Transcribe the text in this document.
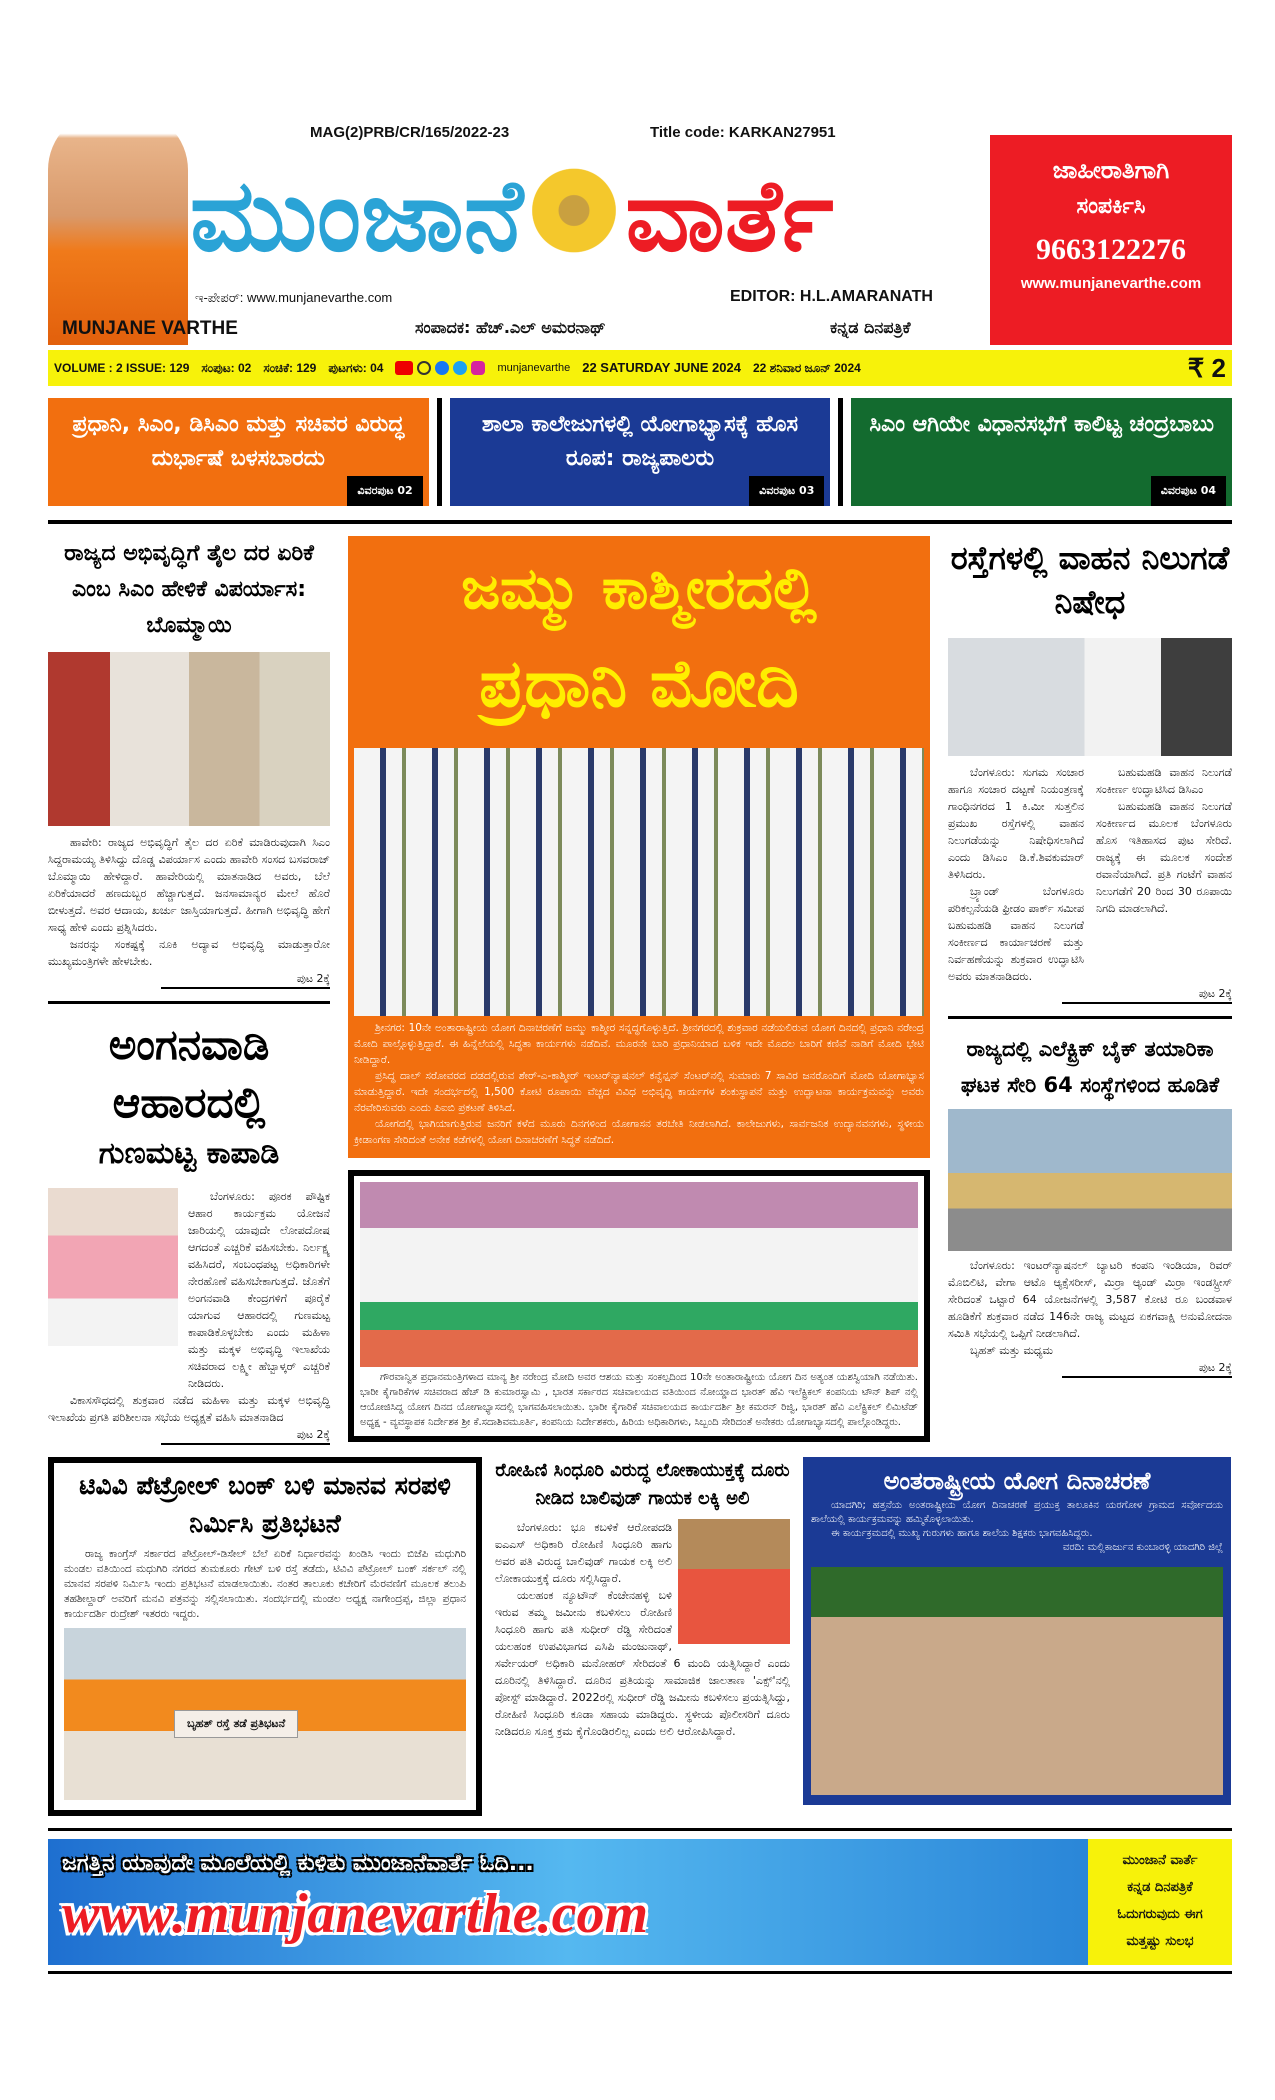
MAG(2)PRB/CR/165/2022-23	Title code: KARKAN27951
ಮುಂಜಾನೆ ವಾರ್ತೆ
ಇ-ಪೇಪರ್: www.munjanevarthe.com	EDITOR: H.L.AMARANATH
MUNJANE VARTHE	ಸಂಪಾದಕ: ಹೆಚ್.ಎಲ್ ಅಮರನಾಥ್	ಕನ್ನಡ ದಿನಪತ್ರಿಕೆ
ಜಾಹೀರಾತಿಗಾಗಿ
ಸಂಪರ್ಕಿಸಿ
9663122276
www.munjanevarthe.com
VOLUME : 2 ISSUE: 129 ಸಂಪುಟ: 02 ಸಂಚಿಕೆ: 129 ಪುಟಗಳು: 04	munjanevarthe 22 SATURDAY JUNE 2024 22 ಶನಿವಾರ ಜೂನ್ 2024	₹ 2
ಪ್ರಧಾನಿ, ಸಿಎಂ, ಡಿಸಿಎಂ ಮತ್ತು ಸಚಿವರ ವಿರುದ್ಧ ದುರ್ಭಾಷೆ ಬಳಸಬಾರದು
ವಿವರಪುಟ 02
ಶಾಲಾ ಕಾಲೇಜುಗಳಲ್ಲಿ ಯೋಗಾಭ್ಯಾಸಕ್ಕೆ ಹೊಸ ರೂಪ: ರಾಜ್ಯಪಾಲರು
ವಿವರಪುಟ 03
ಸಿಎಂ ಆಗಿಯೇ ವಿಧಾನಸಭೆಗೆ ಕಾಲಿಟ್ಟ ಚಂದ್ರಬಾಬು
ವಿವರಪುಟ 04
ರಾಜ್ಯದ ಅಭಿವೃದ್ಧಿಗೆ ತೈಲ ದರ ಏರಿಕೆ ಎಂಬ ಸಿಎಂ ಹೇಳಿಕೆ ವಿಪರ್ಯಾಸ: ಬೊಮ್ಮಾಯಿ
ಹಾವೇರಿ: ರಾಜ್ಯದ ಅಭಿವೃದ್ಧಿಗೆ ತೈಲ ದರ ಏರಿಕೆ ಮಾಡಿರುವುದಾಗಿ ಸಿಎಂ ಸಿದ್ದರಾಮಯ್ಯ ತಿಳಿಸಿದ್ದು ದೊಡ್ಡ ವಿಪರ್ಯಾಸ ಎಂದು ಹಾವೇರಿ ಸಂಸದ ಬಸವರಾಜ್ ಬೊಮ್ಮಾಯಿ ಹೇಳಿದ್ದಾರೆ. ಹಾವೇರಿಯಲ್ಲಿ ಮಾತನಾಡಿದ ಅವರು, ಬೆಲೆ ಏರಿಕೆಯಾದರೆ ಹಣದುಬ್ಬರ ಹೆಚ್ಚಾಗುತ್ತದೆ. ಜನಸಾಮಾನ್ಯರ ಮೇಲೆ ಹೊರೆ ಬೀಳುತ್ತದೆ. ಅವರ ಆದಾಯ, ಖರ್ಚು ಜಾಸ್ತಿಯಾಗುತ್ತದೆ. ಹೀಗಾಗಿ ಅಭಿವೃದ್ಧಿ ಹೇಗೆ ಸಾಧ್ಯ ಹೇಳಿ ಎಂದು ಪ್ರಶ್ನಿಸಿದರು.
ಜನರನ್ನು ಸಂಕಷ್ಟಕ್ಕೆ ನೂಕಿ ಅದ್ಯಾವ ಅಭಿವೃದ್ಧಿ ಮಾಡುತ್ತಾರೋ ಮುಖ್ಯಮಂತ್ರಿಗಳೇ ಹೇಳಬೇಕು.
ಪುಟ 2ಕ್ಕೆ
ಅಂಗನವಾಡಿ
ಆಹಾರದಲ್ಲಿ
ಗುಣಮಟ್ಟ ಕಾಪಾಡಿ
ಬೆಂಗಳೂರು: ಪೂರಕ ಪೌಷ್ಟಿಕ ಆಹಾರ ಕಾರ್ಯಕ್ರಮ ಯೋಜನೆ ಜಾರಿಯಲ್ಲಿ ಯಾವುದೇ ಲೋಪದೋಷ ಆಗದಂತೆ ಎಚ್ಚರಿಕೆ ವಹಿಸಬೇಕು. ನಿರ್ಲಕ್ಷ್ಯ ವಹಿಸಿದರೆ, ಸಂಬಂಧಪಟ್ಟ ಅಧಿಕಾರಿಗಳೇ ನೇರಹೊಣೆ ವಹಿಸಬೇಕಾಗುತ್ತದೆ. ಜೊತೆಗೆ ಅಂಗನವಾಡಿ ಕೇಂದ್ರಗಳಿಗೆ ಪೂರೈಕೆ ಯಾಗುವ ಆಹಾರದಲ್ಲಿ ಗುಣಮಟ್ಟ ಕಾಪಾಡಿಕೊಳ್ಳಬೇಕು ಎಂದು ಮಹಿಳಾ ಮತ್ತು ಮಕ್ಕಳ ಅಭಿವೃದ್ಧಿ ಇಲಾಖೆಯ ಸಚಿವರಾದ ಲಕ್ಷ್ಮೀ ಹೆಬ್ಬಾಳ್ಕರ್ ಎಚ್ಚರಿಕೆ ನೀಡಿದರು.
ವಿಕಾಸಸೌಧದಲ್ಲಿ ಶುಕ್ರವಾರ ನಡೆದ ಮಹಿಳಾ ಮತ್ತು ಮಕ್ಕಳ ಅಭಿವೃದ್ಧಿ ಇಲಾಖೆಯ ಪ್ರಗತಿ ಪರಿಶೀಲನಾ ಸಭೆಯ ಅಧ್ಯಕ್ಷತೆ ವಹಿಸಿ ಮಾತನಾಡಿದ
ಪುಟ 2ಕ್ಕೆ
ಜಮ್ಮು ಕಾಶ್ಮೀರದಲ್ಲಿ
ಪ್ರಧಾನಿ ಮೋದಿ
ಶ್ರೀನಗರ: 10ನೇ ಅಂತಾರಾಷ್ಟ್ರೀಯ ಯೋಗ ದಿನಾಚರಣೆಗೆ ಜಮ್ಮು ಕಾಶ್ಮೀರ ಸನ್ನದ್ಧಗೊಳ್ಳುತ್ತಿದೆ. ಶ್ರೀನಗರದಲ್ಲಿ ಶುಕ್ರವಾರ ನಡೆಯಲಿರುವ ಯೋಗ ದಿನದಲ್ಲಿ ಪ್ರಧಾನಿ ನರೇಂದ್ರ ಮೋದಿ ಪಾಲ್ಗೊಳ್ಳುತ್ತಿದ್ದಾರೆ. ಈ ಹಿನ್ನೆಲೆಯಲ್ಲಿ ಸಿದ್ಧತಾ ಕಾರ್ಯಗಳು ನಡೆದಿವೆ. ಮೂರನೇ ಬಾರಿ ಪ್ರಧಾನಿಯಾದ ಬಳಿಕ ಇದೇ ಮೊದಲ ಬಾರಿಗೆ ಕಣಿವೆ ನಾಡಿಗೆ ಮೋದಿ ಭೇಟಿ ನೀಡಿದ್ದಾರೆ.
ಪ್ರಸಿದ್ಧ ದಾಲ್ ಸರೋವರದ ದಡದಲ್ಲಿರುವ ಶೇರ್-ಎ-ಕಾಶ್ಮೀರ್ ಇಂಟರ್‌ನ್ಯಾಷನಲ್ ಕನ್ವೆನ್ಷನ್ ಸೆಂಟರ್‌ನಲ್ಲಿ ಸುಮಾರು 7 ಸಾವಿರ ಜನರೊಂದಿಗೆ ಮೋದಿ ಯೋಗಾಭ್ಯಾಸ ಮಾಡುತ್ತಿದ್ದಾರೆ. ಇದೇ ಸಂದರ್ಭದಲ್ಲಿ 1,500 ಕೋಟಿ ರೂಪಾಯಿ ವೆಚ್ಚದ ವಿವಿಧ ಅಭಿವೃದ್ಧಿ ಕಾರ್ಯಗಳ ಶಂಕುಸ್ಥಾಪನೆ ಮತ್ತು ಉದ್ಘಾಟನಾ ಕಾರ್ಯಕ್ರಮವನ್ನು ಅವರು ನೆರವೇರಿಸುವರು ಎಂದು ಪಿಐಬಿ ಪ್ರಕಟಣೆ ತಿಳಿಸಿದೆ.
ಯೋಗದಲ್ಲಿ ಭಾಗಿಯಾಗುತ್ತಿರುವ ಜನರಿಗೆ ಕಳೆದ ಮೂರು ದಿನಗಳಿಂದ ಯೋಗಾಸನ ತರಬೇತಿ ನೀಡಲಾಗಿದೆ. ಕಾಲೇಜುಗಳು, ಸಾರ್ವಜನಿಕ ಉದ್ಯಾನವನಗಳು, ಸ್ಥಳೀಯ ಕ್ರೀಡಾಂಗಣ ಸೇರಿದಂತೆ ಅನೇಕ ಕಡೆಗಳಲ್ಲಿ ಯೋಗ ದಿನಾಚರಣೆಗೆ ಸಿದ್ಧತೆ ನಡೆದಿದೆ.
ಗೌರವಾನ್ವಿತ ಪ್ರಧಾನಮಂತ್ರಿಗಳಾದ ಮಾನ್ಯ ಶ್ರೀ ನರೇಂದ್ರ ಮೋದಿ ಅವರ ಆಶಯ ಮತ್ತು ಸಂಕಲ್ಪದಿಂದ 10ನೇ ಅಂತಾರಾಷ್ಟ್ರೀಯ ಯೋಗ ದಿನ ಅತ್ಯಂತ ಯಶಸ್ವಿಯಾಗಿ ನಡೆಯಿತು. ಭಾರೀ ಕೈಗಾರಿಕೆಗಳ ಸಚಿವರಾದ ಹೆಚ್ ಡಿ ಕುಮಾರಸ್ವಾಮಿ , ಭಾರತ ಸರ್ಕಾರದ ಸಚಿವಾಲಯದ ವತಿಯಿಂದ ನೋಯ್ಡಾದ ಭಾರತ್ ಹೆವಿ ಇಲೆಕ್ಟ್ರಿಕಲ್ ಕಂಪನಿಯ ಟೌನ್ ಶಿಪ್ ನಲ್ಲಿ ಆಯೋಜಿಸಿದ್ದ ಯೋಗ ದಿನದ ಯೋಗಾಭ್ಯಾಸದಲ್ಲಿ ಭಾಗವಹಿಸಲಾಯಿತು. ಭಾರೀ ಕೈಗಾರಿಕೆ ಸಚಿವಾಲಯದ ಕಾರ್ಯದರ್ಶಿ ಶ್ರೀ ಕಮರನ್ ರಿಜ್ವಿ, ಭಾರತ್ ಹೆವಿ ಎಲೆಕ್ಟ್ರಿಕಲ್ ಲಿಮಿಟೆಡ್ ಅಧ್ಯಕ್ಷ - ವ್ಯವಸ್ಥಾಪಕ ನಿರ್ದೇಶಕ ಶ್ರೀ ಕೆ.ಸದಾಶಿವಮೂರ್ತಿ, ಕಂಪನಿಯ ನಿರ್ದೇಶಕರು, ಹಿರಿಯ ಅಧಿಕಾರಿಗಳು, ಸಿಬ್ಬಂದಿ ಸೇರಿದಂತೆ ಅನೇಕರು ಯೋಗಾಭ್ಯಾಸದಲ್ಲಿ ಪಾಲ್ಗೊಂಡಿದ್ದರು.
ರಸ್ತೆಗಳಲ್ಲಿ ವಾಹನ ನಿಲುಗಡೆ ನಿಷೇಧ
ಬೆಂಗಳೂರು: ಸುಗಮ ಸಂಚಾರ ಹಾಗೂ ಸಂಚಾರ ದಟ್ಟಣೆ ನಿಯಂತ್ರಣಕ್ಕೆ ಗಾಂಧಿನಗರದ 1 ಕಿ.ಮೀ ಸುತ್ತಲಿನ ಪ್ರಮುಖ ರಸ್ತೆಗಳಲ್ಲಿ ವಾಹನ ನಿಲುಗಡೆಯನ್ನು ನಿಷೇಧಿಸಲಾಗಿದೆ ಎಂದು ಡಿಸಿಎಂ ಡಿ.ಕೆ.ಶಿವಕುಮಾರ್ ತಿಳಿಸಿದರು.
ಬ್ರ್ಯಾಂಡ್ ಬೆಂಗಳೂರು ಪರಿಕಲ್ಪನೆಯಡಿ ಫ್ರೀಡಂ ಪಾರ್ಕ್ ಸಮೀಪ ಬಹುಮಹಡಿ ವಾಹನ ನಿಲುಗಡೆ ಸಂಕೀರ್ಣದ ಕಾರ್ಯಾಚರಣೆ ಮತ್ತು ನಿರ್ವಹಣೆಯನ್ನು ಶುಕ್ರವಾರ ಉದ್ಘಾಟಿಸಿ ಅವರು ಮಾತನಾಡಿದರು.
ಬಹುಮಹಡಿ ವಾಹನ ನಿಲುಗಡೆ ಸಂಕೀರ್ಣ ಉದ್ಘಾಟಿಸಿದ ಡಿಸಿಎಂ
ಬಹುಮಹಡಿ ವಾಹನ ನಿಲುಗಡೆ ಸಂಕೀರ್ಣದ ಮೂಲಕ ಬೆಂಗಳೂರು ಹೊಸ ಇತಿಹಾಸದ ಪುಟ ಸೇರಿದೆ. ರಾಜ್ಯಕ್ಕೆ ಈ ಮೂಲಕ ಸಂದೇಶ ರವಾನೆಯಾಗಿದೆ. ಪ್ರತಿ ಗಂಟೆಗೆ ವಾಹನ ನಿಲುಗಡೆಗೆ 20 ರಿಂದ 30 ರೂಪಾಯಿ ನಿಗದಿ ಮಾಡಲಾಗಿದೆ.
ಪುಟ 2ಕ್ಕೆ
ರಾಜ್ಯದಲ್ಲಿ ಎಲೆಕ್ಟ್ರಿಕ್ ಬೈಕ್ ತಯಾರಿಕಾ ಘಟಕ ಸೇರಿ 64 ಸಂಸ್ಥೆಗಳಿಂದ ಹೂಡಿಕೆ
ಬೆಂಗಳೂರು: ಇಂಟರ್‌ನ್ಯಾಷನಲ್ ಬ್ಯಾಟರಿ ಕಂಪನಿ ಇಂಡಿಯಾ, ರಿವರ್ ಮೊಬಿಲಿಟಿ, ವೇಗಾ ಆಟೊ ಆ್ಯಕ್ಸೆಸರೀಸ್, ಮಿರ್ರಾ ಆ್ಯಂಡ್ ಮಿರ್ರಾ ಇಂಡಸ್ಟ್ರೀಸ್ ಸೇರಿದಂತೆ ಒಟ್ಟಾರೆ 64 ಯೋಜನೆಗಳಲ್ಲಿ 3,587 ಕೋಟಿ ರೂ ಬಂಡವಾಳ ಹೂಡಿಕೆಗೆ ಶುಕ್ರವಾರ ನಡೆದ 146ನೇ ರಾಜ್ಯ ಮಟ್ಟದ ಏಕಗವಾಕ್ಷಿ ಅನುಮೋದನಾ ಸಮಿತಿ ಸಭೆಯಲ್ಲಿ ಒಪ್ಪಿಗೆ ನೀಡಲಾಗಿದೆ.
ಬೃಹತ್ ಮತ್ತು ಮಧ್ಯಮ
ಪುಟ 2ಕ್ಕೆ
ಟಿವಿವಿ ಪೆಟ್ರೋಲ್ ಬಂಕ್ ಬಳಿ ಮಾನವ ಸರಪಳಿ ನಿರ್ಮಿಸಿ ಪ್ರತಿಭಟನೆ
ರಾಜ್ಯ ಕಾಂಗ್ರೆಸ್ ಸರ್ಕಾರದ ಪೆಟ್ರೋಲ್-ಡಿಸೇಲ್ ಬೆಲೆ ಏರಿಕೆ ನಿರ್ಧಾರವನ್ನು ಖಂಡಿಸಿ ಇಂದು ಬಿಜೆಪಿ ಮಧುಗಿರಿ ಮಂಡಲ ವತಿಯಿಂದ ಮಧುಗಿರಿ ನಗರದ ತುಮಕೂರು ಗೇಟ್ ಬಳಿ ರಸ್ತೆ ತಡೆದು, ಟಿವಿವಿ ಪೆಟ್ರೋಲ್ ಬಂಕ್ ಸರ್ಕಲ್ ನಲ್ಲಿ ಮಾನವ ಸರಪಳಿ ನಿರ್ಮಿಸಿ ಇಂದು ಪ್ರತಿಭಟನೆ ಮಾಡಲಾಯಿತು. ನಂತರ ತಾಲೂಕು ಕಚೇರಿಗೆ ಮೆರವಣಿಗೆ ಮೂಲಕ ತಲುಪಿ ತಹಶೀಲ್ದಾರ್ ಅವರಿಗೆ ಮನವಿ ಪತ್ರವನ್ನು ಸಲ್ಲಿಸಲಾಯಿತು. ಸಂದರ್ಭದಲ್ಲಿ ಮಂಡಲ ಅಧ್ಯಕ್ಷ ನಾಗೇಂದ್ರಪ್ಪ, ಜಿಲ್ಲಾ ಪ್ರಧಾನ ಕಾರ್ಯದರ್ಶಿ ರುದ್ರೇಶ್ ಇತರರು ಇದ್ದರು.
ಬೃಹತ್ ರಸ್ತೆ ತಡೆ ಪ್ರತಿಭಟನೆ
ರೋಹಿಣಿ ಸಿಂಧೂರಿ ವಿರುದ್ಧ ಲೋಕಾಯುಕ್ತಕ್ಕೆ ದೂರು ನೀಡಿದ ಬಾಲಿವುಡ್ ಗಾಯಕ ಲಕ್ಕಿ ಅಲಿ
ಬೆಂಗಳೂರು: ಭೂ ಕಬಳಿಕೆ ಆರೋಪದಡಿ ಐಎಎಸ್ ಅಧಿಕಾರಿ ರೋಹಿಣಿ ಸಿಂಧೂರಿ ಹಾಗು ಅವರ ಪತಿ ವಿರುದ್ಧ ಬಾಲಿವುಡ್ ಗಾಯಕ ಲಕ್ಕಿ ಅಲಿ ಲೋಕಾಯುಕ್ತಕ್ಕೆ ದೂರು ಸಲ್ಲಿಸಿದ್ದಾರೆ.
ಯಲಹಂಕ ನ್ಯೂಟೌನ್ ಕೆಂಚೇನಹಳ್ಳಿ ಬಳಿ ಇರುವ ತಮ್ಮ ಜಮೀನು ಕಬಳಿಸಲು ರೋಹಿಣಿ ಸಿಂಧೂರಿ ಹಾಗು ಪತಿ ಸುಧೀರ್ ರೆಡ್ಡಿ ಸೇರಿದಂತೆ ಯಲಹಂಕ ಉಪವಿಭಾಗದ ಎಸಿಪಿ ಮಂಜುನಾಥ್, ಸರ್ವೇಯರ್ ಅಧಿಕಾರಿ ಮನೋಹರ್ ಸೇರಿದಂತೆ 6 ಮಂದಿ ಯತ್ನಿಸಿದ್ದಾರೆ ಎಂದು ದೂರಿನಲ್ಲಿ ತಿಳಿಸಿದ್ದಾರೆ. ದೂರಿನ ಪ್ರತಿಯನ್ನು ಸಾಮಾಜಿಕ ಜಾಲತಾಣ 'ಎಕ್ಸ್'ನಲ್ಲಿ ಪೋಸ್ಟ್ ಮಾಡಿದ್ದಾರೆ. 2022ರಲ್ಲಿ ಸುಧೀರ್ ರೆಡ್ಡಿ ಜಮೀನು ಕಬಳಿಸಲು ಪ್ರಯತ್ನಿಸಿದ್ದು, ರೋಹಿಣಿ ಸಿಂಧೂರಿ ಕೂಡಾ ಸಹಾಯ ಮಾಡಿದ್ದರು. ಸ್ಥಳೀಯ ಪೊಲೀಸರಿಗೆ ದೂರು ನೀಡಿದರೂ ಸೂಕ್ತ ಕ್ರಮ ಕೈಗೊಂಡಿರಲಿಲ್ಲ ಎಂದು ಅಲಿ ಆರೋಪಿಸಿದ್ದಾರೆ.
ಅಂತರಾಷ್ಟ್ರೀಯ ಯೋಗ ದಿನಾಚರಣೆ
ಯಾದಗಿರಿ; ಹತ್ತನೆಯ ಅಂತರಾಷ್ಟ್ರೀಯ ಯೋಗ ದಿನಾಚರಣೆ ಪ್ರಯುಕ್ತ ತಾಲೂಕಿನ ಯರಗೋಳ ಗ್ರಾಮದ ಸರ್ವೋದಯ ಶಾಲೆಯಲ್ಲಿ ಕಾರ್ಯಕ್ರಮವನ್ನು ಹಮ್ಮಿಕೊಳ್ಳಲಾಯಿತು.
ಈ ಕಾರ್ಯಕ್ರಮದಲ್ಲಿ ಮುಖ್ಯ ಗುರುಗಳು ಹಾಗೂ ಶಾಲೆಯ ಶಿಕ್ಷಕರು ಭಾಗವಹಿಸಿದ್ದರು.
ವರದಿ: ಮಲ್ಲಿಕಾರ್ಜುನ ಕುಂಬಾರಳ್ಳಿ ಯಾದಗಿರಿ ಜಿಲ್ಲೆ
ಜಗತ್ತಿನ ಯಾವುದೇ ಮೂಲೆಯಲ್ಲಿ ಕುಳಿತು ಮುಂಜಾನೆವಾರ್ತೆ ಓದಿ...
www.munjanevarthe.com
ಮುಂಜಾನೆ ವಾರ್ತೆ
ಕನ್ನಡ ದಿನಪತ್ರಿಕೆ
ಓದುಗರುವುದು ಈಗ
ಮತ್ತಷ್ಟು ಸುಲಭ
